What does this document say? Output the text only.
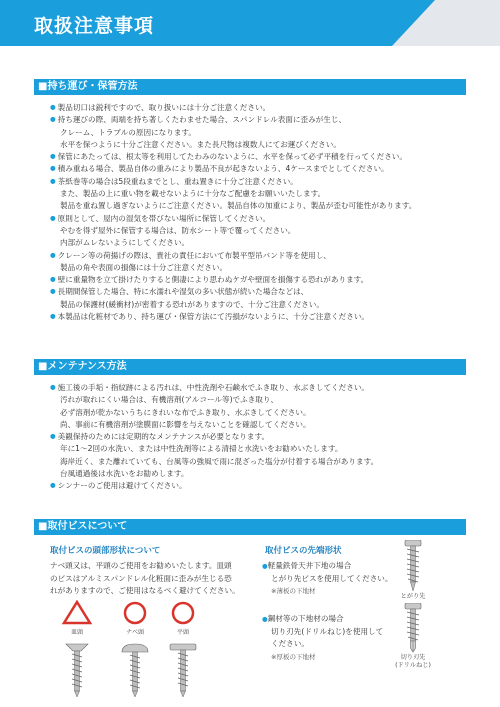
取扱注意事項
■持ち運び・保管方法
● 製品切口は鋭利ですので、取り扱いには十分ご注意ください。
● 持ち運びの際、両端を持ち著しくたわませた場合、スパンドレル表面に歪みが生じ、
クレーム、トラブルの原因になります。
水平を保つように十分ご注意ください。また長尺物は複数人にてお運びください。
● 保管にあたっては、根太等を利用してたわみのないように、水平を保って必ず平積を行ってください。
● 積み重ねる場合、製品自体の重みにより製品不良が起きないよう、4ケースまでとしてください。
● 茶紙巻等の場合は5段重ねまでとし、重ね置きに十分ご注意ください。
また、製品の上に重い物を載せないように十分なご配慮をお願いいたします。
製品を重ね置し過ぎないようにご注意ください。製品自体の加重により、製品が歪む可能性があります。
● 原則として、屋内の湿気を帯びない場所に保管してください。
やむを得ず屋外に保管する場合は、防水シート等で覆ってください。
内部がムレないようにしてください。
● クレーン等の荷揚げの際は、貴社の責任において布製平型吊バンド等を使用し、
製品の角や表面の損傷には十分ご注意ください。
● 壁に重量物を立て掛けたりすると側凄により思わぬケガや壁面を損傷する恐れがあります。
● 長期間保管した場合、特に水濡れや湿気の多い状態が続いた場合などは、
製品の保護材(緩衝材)が密着する恐れがありますので、十分ご注意ください。
● 本製品は化粧材であり、持ち運び・保管方法にて汚損がないように、十分ご注意ください。
■メンテナンス方法
● 施工後の手垢・指紋跡による汚れは、中性洗剤や石鹸水でふき取り、水ぶきしてください。
汚れが取れにくい場合は、有機溶剤(アルコール等)でふき取り、
必ず溶剤が乾かないうちにきれいな布でふき取り、水ぶきしてください。
尚、事前に有機溶剤が塗膜面に影響を与えないことを確認してください。
● 美観保持のためには定期的なメンテナンスが必要となります。
年に1～2回の水洗い、または中性洗剤等による清掃と水洗いをお勧めいたします。
海岸近く、また離れていても、台風等の強風で雨に混ざった塩分が付着する場合があります。
台風通過後は水洗いをお勧めします。
● シンナーのご使用は避けてください。
■取付ビスについて
取付ビスの頭部形状について
ナベ頭又は、平頭のご使用をお勧めいたします。皿頭
のビスはアルミスパンドレル化粧面に歪みが生じる恐
れがありますので、ご使用はなるべく避けてください。
皿頭	ナベ頭	平頭
取付ビスの先端形状
●軽量鉄骨天井下地の場合
とがり先ビスを使用してください。
※薄板の下地材
●鋼材等の下地材の場合
切り刃先(ドリルねじ)を使用して
ください。
※厚板の下地材
とがり先
切り刃先
(ドリルねじ)
